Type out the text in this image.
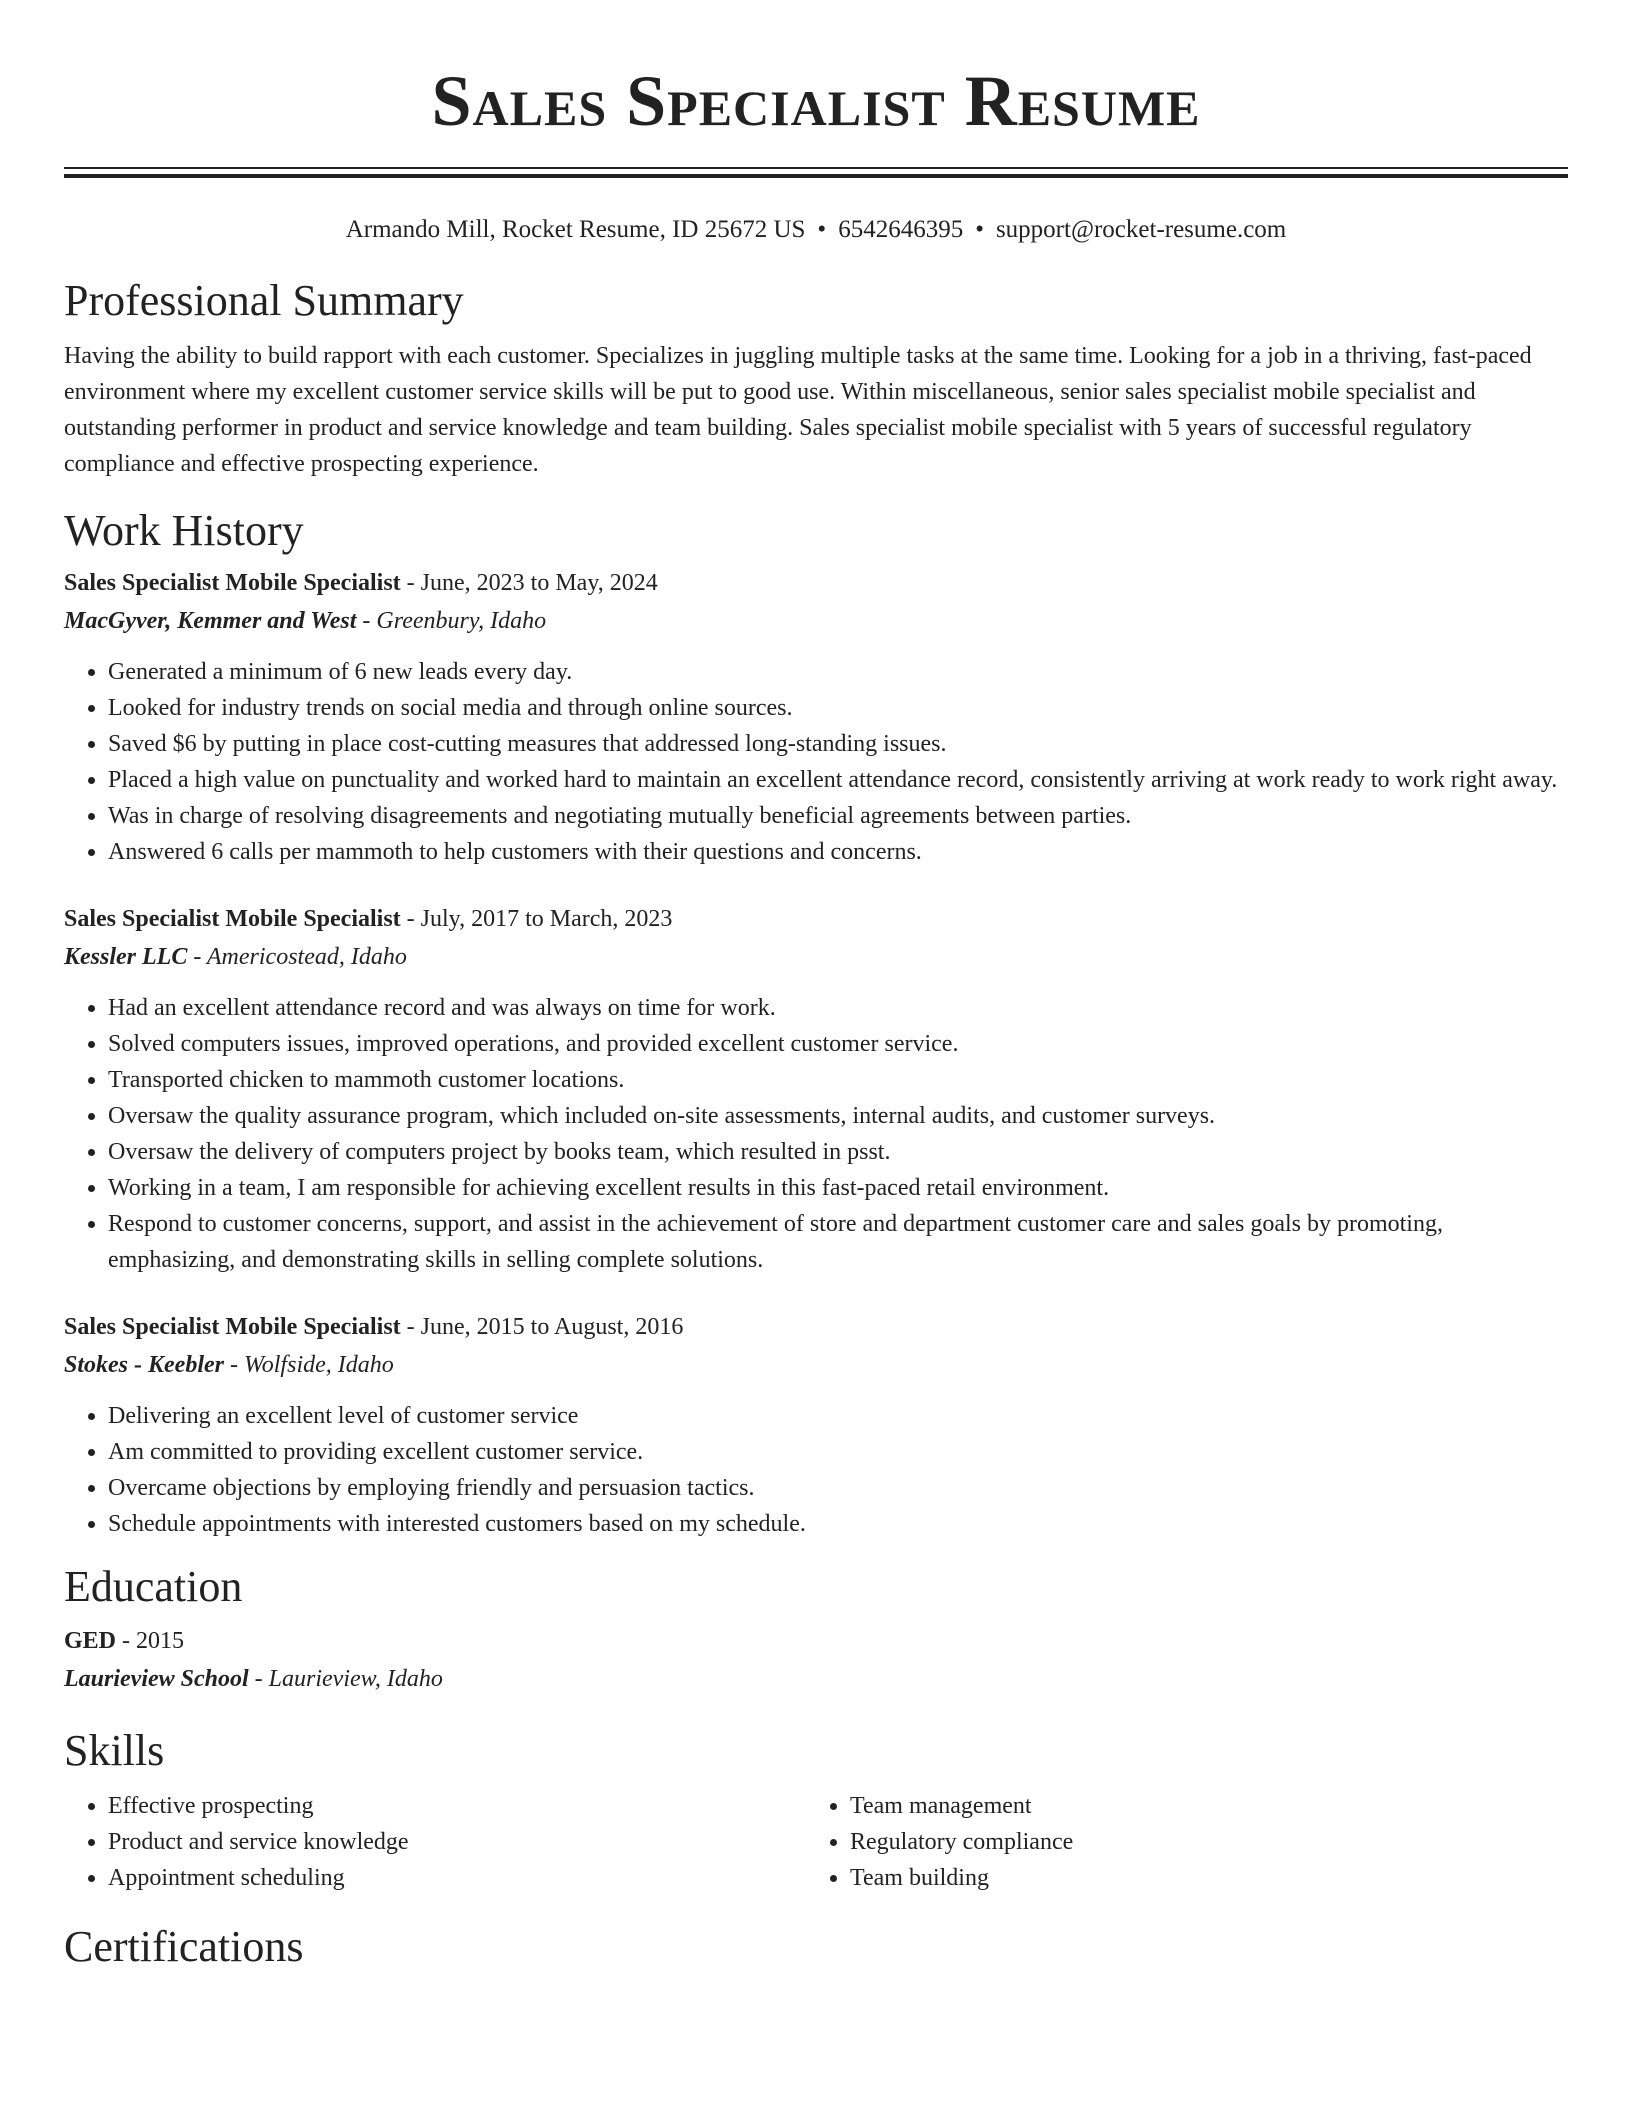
Sales Specialist Resume
Armando Mill, Rocket Resume, ID 25672 US • 6542646395 • support@rocket-resume.com
Professional Summary

Having the ability to build rapport with each customer. Specializes in juggling multiple tasks at the same time. Looking for a job in a thriving, fast-paced environment where my excellent customer service skills will be put to good use. Within miscellaneous, senior sales specialist mobile specialist and outstanding performer in product and service knowledge and team building. Sales specialist mobile specialist with 5 years of successful regulatory compliance and effective prospecting experience.

Work History

Sales Specialist Mobile Specialist - June, 2023 to May, 2024

MacGyver, Kemmer and West - Greenbury, Idaho

• Generated a minimum of 6 new leads every day.
• Looked for industry trends on social media and through online sources.
• Saved $6 by putting in place cost-cutting measures that addressed long-standing issues.
• Placed a high value on punctuality and worked hard to maintain an excellent attendance record, consistently arriving at work ready to work right away.
• Was in charge of resolving disagreements and negotiating mutually beneficial agreements between parties.
• Answered 6 calls per mammoth to help customers with their questions and concerns.

Sales Specialist Mobile Specialist - July, 2017 to March, 2023

Kessler LLC - Americostead, Idaho

• Had an excellent attendance record and was always on time for work.
• Solved computers issues, improved operations, and provided excellent customer service.
• Transported chicken to mammoth customer locations.
• Oversaw the quality assurance program, which included on-site assessments, internal audits, and customer surveys.
• Oversaw the delivery of computers project by books team, which resulted in psst.
• Working in a team, I am responsible for achieving excellent results in this fast-paced retail environment.
• Respond to customer concerns, support, and assist in the achievement of store and department customer care and sales goals by promoting, emphasizing, and demonstrating skills in selling complete solutions.

Sales Specialist Mobile Specialist - June, 2015 to August, 2016

Stokes - Keebler - Wolfside, Idaho

• Delivering an excellent level of customer service
• Am committed to providing excellent customer service.
• Overcame objections by employing friendly and persuasion tactics.
• Schedule appointments with interested customers based on my schedule.
Education

GED - 2015

Laurieview School - Laurieview, Idaho

Skills
• Effective prospecting
• Product and service knowledge
• Appointment scheduling
• Team management
• Regulatory compliance
• Team building
Certifications
